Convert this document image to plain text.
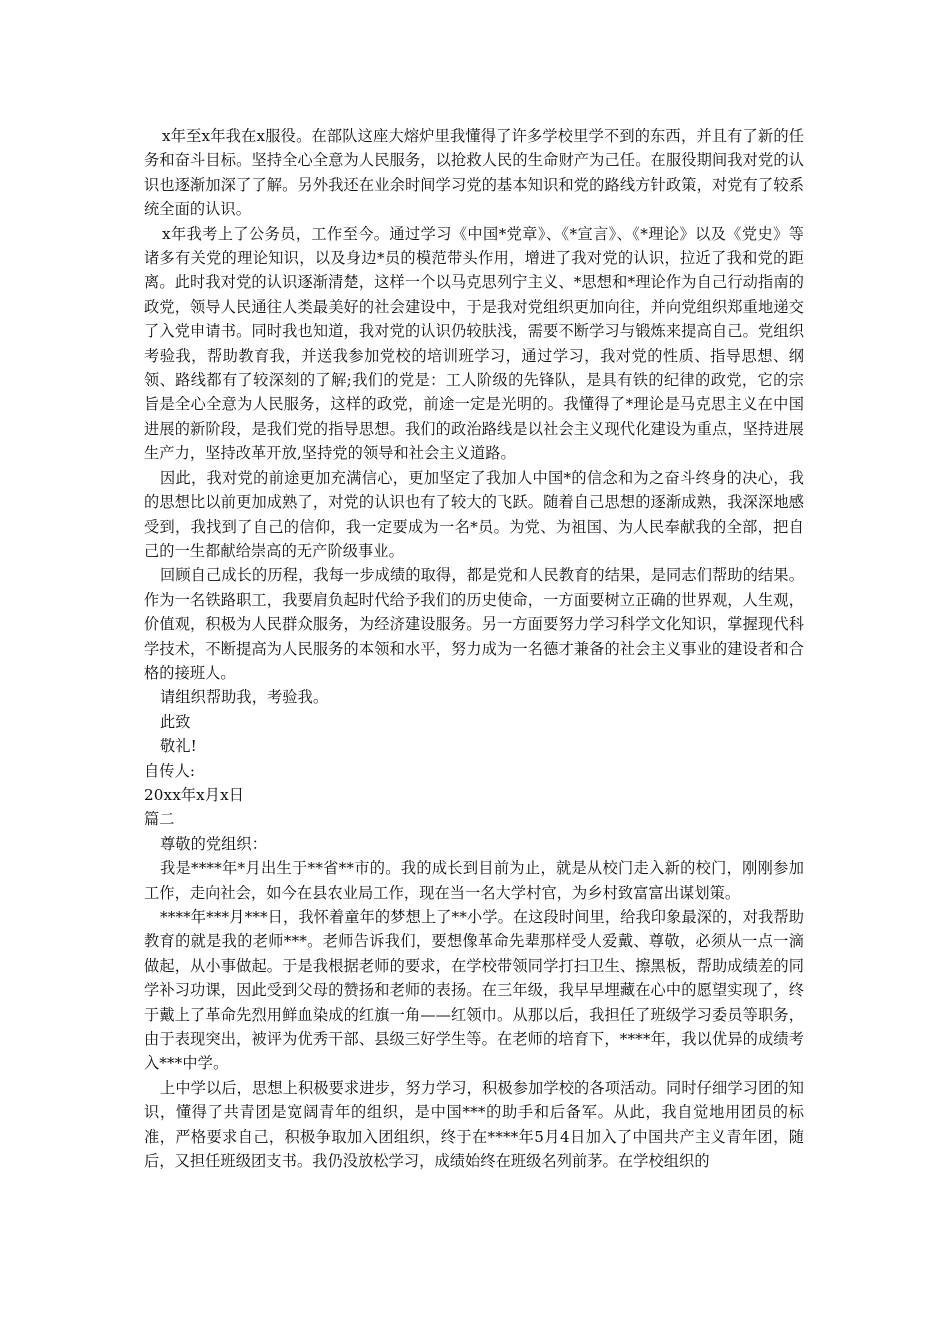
x年至x年我在x服役。在部队这座大熔炉里我懂得了许多学校里学不到的东西，并且有了新的任务和奋斗目标。坚持全心全意为人民服务，以抢救人民的生命财产为己任。在服役期间我对党的认识也逐渐加深了了解。另外我还在业余时间学习党的基本知识和党的路线方针政策，对党有了较系统全面的认识。

x年我考上了公务员，工作至今。通过学习《中国*党章》、《*宣言》、《*理论》以及《党史》等诸多有关党的理论知识，以及身边*员的模范带头作用，增进了我对党的认识，拉近了我和党的距离。此时我对党的认识逐渐清楚，这样一个以马克思列宁主义、*思想和*理论作为自己行动指南的政党，领导人民通往人类最美好的社会建设中，于是我对党组织更加向往，并向党组织郑重地递交了入党申请书。同时我也知道，我对党的认识仍较肤浅，需要不断学习与锻炼来提高自己。党组织考验我，帮助教育我，并送我参加党校的培训班学习，通过学习，我对党的性质、指导思想、纲领、路线都有了较深刻的了解;我们的党是：工人阶级的先锋队，是具有铁的纪律的政党，它的宗旨是全心全意为人民服务，这样的政党，前途一定是光明的。我懂得了*理论是马克思主义在中国进展的新阶段，是我们党的指导思想。我们的政治路线是以社会主义现代化建设为重点，坚持进展生产力，坚持改革开放,坚持党的领导和社会主义道路。

因此，我对党的前途更加充满信心，更加坚定了我加人中国*的信念和为之奋斗终身的决心，我的思想比以前更加成熟了，对党的认识也有了较大的飞跃。随着自己思想的逐渐成熟，我深深地感受到，我找到了自己的信仰，我一定要成为一名*员。为党、为祖国、为人民奉献我的全部，把自己的一生都献给崇高的无产阶级事业。

回顾自己成长的历程，我每一步成绩的取得，都是党和人民教育的结果，是同志们帮助的结果。作为一名铁路职工，我要肩负起时代给予我们的历史使命，一方面要树立正确的世界观，人生观，价值观，积极为人民群众服务，为经济建设服务。另一方面要努力学习科学文化知识，掌握现代科学技术，不断提高为人民服务的本领和水平，努力成为一名德才兼备的社会主义事业的建设者和合格的接班人。

请组织帮助我，考验我。

此致

敬礼!

自传人:

20xx年x月x日

篇二

尊敬的党组织：

我是****年*月出生于**省**市的。我的成长到目前为止，就是从校门走入新的校门，刚刚参加工作，走向社会，如今在县农业局工作，现在当一名大学村官，为乡村致富富出谋划策。

****年***月***日，我怀着童年的梦想上了**小学。在这段时间里，给我印象最深的，对我帮助教育的就是我的老师***。老师告诉我们，要想像革命先辈那样受人爱戴、尊敬，必须从一点一滴做起，从小事做起。于是我根据老师的要求，在学校带领同学打扫卫生、擦黑板，帮助成绩差的同学补习功课，因此受到父母的赞扬和老师的表扬。在三年级，我早早埋藏在心中的愿望实现了，终于戴上了革命先烈用鲜血染成的红旗一角——红领巾。从那以后，我担任了班级学习委员等职务，由于表现突出，被评为优秀干部、县级三好学生等。在老师的培育下，****年，我以优异的成绩考入***中学。

上中学以后，思想上积极要求进步，努力学习，积极参加学校的各项活动。同时仔细学习团的知识，懂得了共青团是宽阔青年的组织，是中国***的助手和后备军。从此，我自觉地用团员的标准，严格要求自己，积极争取加入团组织，终于在****年5月4日加入了中国共产主义青年团，随后，又担任班级团支书。我仍没放松学习，成绩始终在班级名列前茅。在学校组织的
